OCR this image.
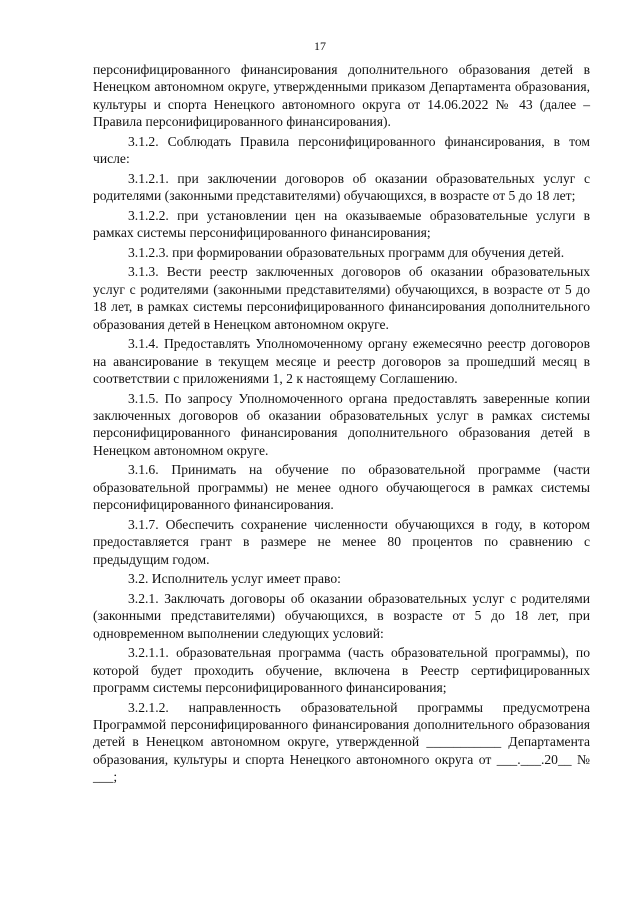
17

персонифицированного финансирования дополнительного образования детей в Ненецком автономном округе, утвержденными приказом Департамента образования, культуры и спорта Ненецкого автономного округа от 14.06.2022 № 43 (далее – Правила персонифицированного финансирования).

3.1.2. Соблюдать Правила персонифицированного финансирования, в том числе:

3.1.2.1. при заключении договоров об оказании образовательных услуг с родителями (законными представителями) обучающихся, в возрасте от 5 до 18 лет;

3.1.2.2. при установлении цен на оказываемые образовательные услуги в рамках системы персонифицированного финансирования;

3.1.2.3. при формировании образовательных программ для обучения детей.

3.1.3. Вести реестр заключенных договоров об оказании образовательных услуг с родителями (законными представителями) обучающихся, в возрасте от 5 до 18 лет, в рамках системы персонифицированного финансирования дополнительного образования детей в Ненецком автономном округе.

3.1.4. Предоставлять Уполномоченному органу ежемесячно реестр договоров на авансирование в текущем месяце и реестр договоров за прошедший месяц в соответствии с приложениями 1, 2 к настоящему Соглашению.

3.1.5. По запросу Уполномоченного органа предоставлять заверенные копии заключенных договоров об оказании образовательных услуг в рамках системы персонифицированного финансирования дополнительного образования детей в Ненецком автономном округе.

3.1.6. Принимать на обучение по образовательной программе (части образовательной программы) не менее одного обучающегося в рамках системы персонифицированного финансирования.

3.1.7. Обеспечить сохранение численности обучающихся в году, в котором предоставляется грант в размере не менее 80 процентов по сравнению с предыдущим годом.

3.2. Исполнитель услуг имеет право:

3.2.1. Заключать договоры об оказании образовательных услуг с родителями (законными представителями) обучающихся, в возрасте от 5 до 18 лет, при одновременном выполнении следующих условий:

3.2.1.1. образовательная программа (часть образовательной программы), по которой будет проходить обучение, включена в Реестр сертифицированных программ системы персонифицированного финансирования;

3.2.1.2. направленность образовательной программы предусмотрена Программой персонифицированного финансирования дополнительного образования детей в Ненецком автономном округе, утвержденной ___________ Департамента образования, культуры и спорта Ненецкого автономного округа от ___.___.20__ № ___;
